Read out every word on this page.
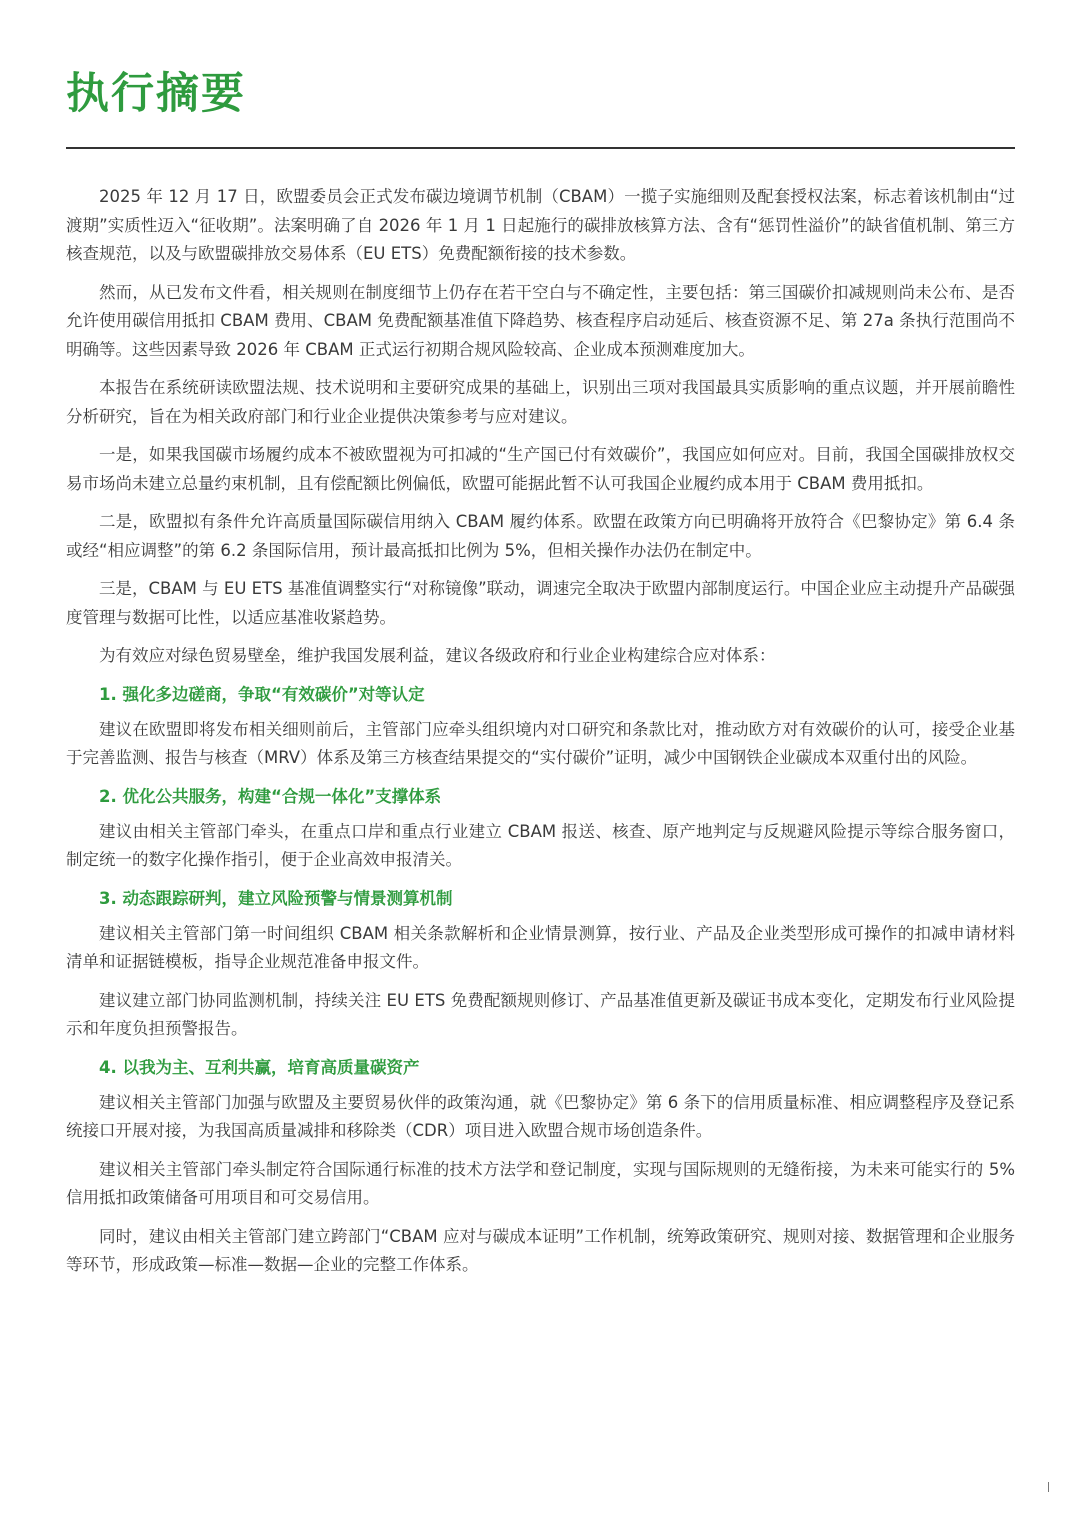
执行摘要

2025 年 12 月 17 日，欧盟委员会正式发布碳边境调节机制（CBAM）一揽子实施细则及配套授权法案，标志着该机制由“过渡期”实质性迈入“征收期”。法案明确了自 2026 年 1 月 1 日起施行的碳排放核算方法、含有“惩罚性溢价”的缺省值机制、第三方核查规范，以及与欧盟碳排放交易体系（EU ETS）免费配额衔接的技术参数。

然而，从已发布文件看，相关规则在制度细节上仍存在若干空白与不确定性，主要包括：第三国碳价扣减规则尚未公布、是否允许使用碳信用抵扣 CBAM 费用、CBAM 免费配额基准值下降趋势、核查程序启动延后、核查资源不足、第 27a 条执行范围尚不明确等。这些因素导致 2026 年 CBAM 正式运行初期合规风险较高、企业成本预测难度加大。

本报告在系统研读欧盟法规、技术说明和主要研究成果的基础上，识别出三项对我国最具实质影响的重点议题，并开展前瞻性分析研究，旨在为相关政府部门和行业企业提供决策参考与应对建议。

一是，如果我国碳市场履约成本不被欧盟视为可扣减的“生产国已付有效碳价”，我国应如何应对。目前，我国全国碳排放权交易市场尚未建立总量约束机制，且有偿配额比例偏低，欧盟可能据此暂不认可我国企业履约成本用于 CBAM 费用抵扣。

二是，欧盟拟有条件允许高质量国际碳信用纳入 CBAM 履约体系。欧盟在政策方向已明确将开放符合《巴黎协定》第 6.4 条或经“相应调整”的第 6.2 条国际信用，预计最高抵扣比例为 5%，但相关操作办法仍在制定中。

三是，CBAM 与 EU ETS 基准值调整实行“对称镜像”联动，调速完全取决于欧盟内部制度运行。中国企业应主动提升产品碳强度管理与数据可比性，以适应基准收紧趋势。

为有效应对绿色贸易壁垒，维护我国发展利益，建议各级政府和行业企业构建综合应对体系：

1. 强化多边磋商，争取“有效碳价”对等认定

建议在欧盟即将发布相关细则前后，主管部门应牵头组织境内对口研究和条款比对，推动欧方对有效碳价的认可，接受企业基于完善监测、报告与核查（MRV）体系及第三方核查结果提交的“实付碳价”证明，减少中国钢铁企业碳成本双重付出的风险。

2. 优化公共服务，构建“合规一体化”支撑体系

建议由相关主管部门牵头，在重点口岸和重点行业建立 CBAM 报送、核查、原产地判定与反规避风险提示等综合服务窗口，制定统一的数字化操作指引，便于企业高效申报清关。

3. 动态跟踪研判，建立风险预警与情景测算机制

建议相关主管部门第一时间组织 CBAM 相关条款解析和企业情景测算，按行业、产品及企业类型形成可操作的扣减申请材料清单和证据链模板，指导企业规范准备申报文件。

建议建立部门协同监测机制，持续关注 EU ETS 免费配额规则修订、产品基准值更新及碳证书成本变化，定期发布行业风险提示和年度负担预警报告。

4. 以我为主、互利共赢，培育高质量碳资产

建议相关主管部门加强与欧盟及主要贸易伙伴的政策沟通，就《巴黎协定》第 6 条下的信用质量标准、相应调整程序及登记系统接口开展对接，为我国高质量减排和移除类（CDR）项目进入欧盟合规市场创造条件。

建议相关主管部门牵头制定符合国际通行标准的技术方法学和登记制度，实现与国际规则的无缝衔接，为未来可能实行的 5% 信用抵扣政策储备可用项目和可交易信用。

同时，建议由相关主管部门建立跨部门“CBAM 应对与碳成本证明”工作机制，统筹政策研究、规则对接、数据管理和企业服务等环节，形成政策—标准—数据—企业的完整工作体系。
